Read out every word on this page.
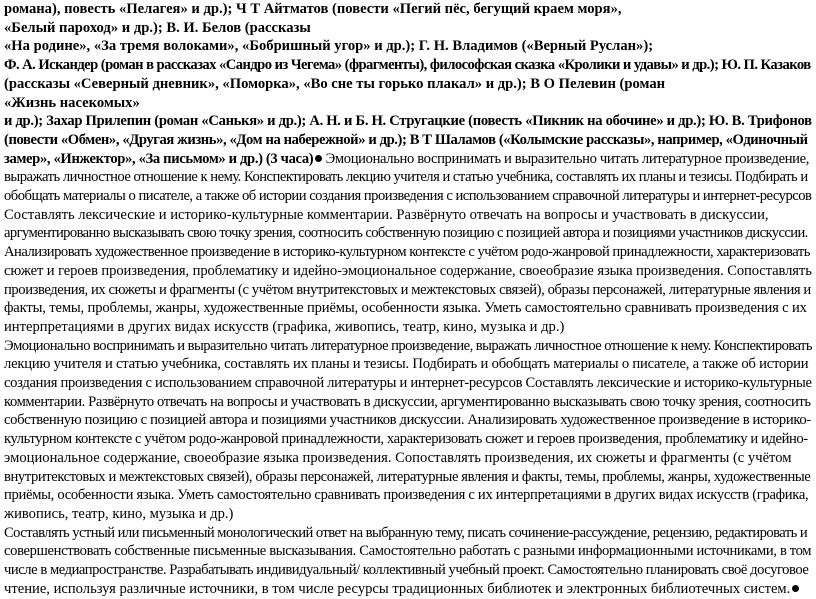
романа), повесть «Пелагея» и др.); Ч Т Айтматов (повести «Пегий пёс, бегущий краем моря»,

«Белый пароход» и др.); В. И. Белов (рассказы

«На родине», «За тремя волоками», «Бобришный угор» и др.); Г. Н. Владимов («Верный Руслан»);

Ф. А. Искандер (роман в рассказах «Сандро из Чегема» (фрагменты), философская сказка «Кролики и удавы» и др.); Ю. П. Казаков

(рассказы «Северный дневник», «Поморка», «Во сне ты горько плакал» и др.); В О Пелевин (роман

«Жизнь насекомых»

и др.); Захар Прилепин (роман «Санькя» и др.); А. Н. и Б. Н. Стругацкие (повесть «Пикник на обочине» и др.); Ю. В. Трифонов

(повести «Обмен», «Другая жизнь», «Дом на набережной» и др.); В Т Шаламов («Колымские рассказы», например, «Одиночный

замер», «Инжектор», «За письмом» и др.) (3 часа) Эмоционально воспринимать и выразительно читать литературное произведение,

выражать личностное отношение к нему. Конспектировать лекцию учителя и статью учебника, составлять их планы и тезисы. Подбирать и

обобщать материалы о писателе, а также об истории создания произведения с использованием справочной литературы и интернет-ресурсов

Составлять лексические и историко-культурные комментарии. Развёрнуто отвечать на вопросы и участвовать в дискуссии,

аргументированно высказывать свою точку зрения, соотносить собственную позицию с позицией автора и позициями участников дискуссии.

Анализировать художественное произведение в историко-культурном контексте с учётом родо-жанровой принадлежности, характеризовать

сюжет и героев произведения, проблематику и идейно-эмоциональное содержание, своеобразие языка произведения. Сопоставлять

произведения, их сюжеты и фрагменты (с учётом внутритекстовых и межтекстовых связей), образы персонажей, литературные явления и

факты, темы, проблемы, жанры, художественные приёмы, особенности языка. Уметь самостоятельно сравнивать произведения с их

интерпретациями в других видах искусств (графика, живопись, театр, кино, музыка и др.)

Эмоционально воспринимать и выразительно читать литературное произведение, выражать личностное отношение к нему. Конспектировать

лекцию учителя и статью учебника, составлять их планы и тезисы. Подбирать и обобщать материалы о писателе, а также об истории

создания произведения с использованием справочной литературы и интернет-ресурсов Составлять лексические и историко-культурные

комментарии. Развёрнуто отвечать на вопросы и участвовать в дискуссии, аргументированно высказывать свою точку зрения, соотносить

собственную позицию с позицией автора и позициями участников дискуссии. Анализировать художественное произведение в историко-

культурном контексте с учётом родо-жанровой принадлежности, характеризовать сюжет и героев произведения, проблематику и идейно-

эмоциональное содержание, своеобразие языка произведения. Сопоставлять произведения, их сюжеты и фрагменты (с учётом

внутритекстовых и межтекстовых связей), образы персонажей, литературные явления и факты, темы, проблемы, жанры, художественные

приёмы, особенности языка. Уметь самостоятельно сравнивать произведения с их интерпретациями в других видах искусств (графика,

живопись, театр, кино, музыка и др.)

Составлять устный или письменный монологический ответ на выбранную тему, писать сочинение-рассуждение, рецензию, редактировать и

совершенствовать собственные письменные высказывания. Самостоятельно работать с разными информационными источниками, в том

числе в медиапространстве. Разрабатывать индивидуальный/ коллективный учебный проект. Самостоятельно планировать своё досуговое

чтение, используя различные источники, в том числе ресурсы традиционных библиотек и электронных библиотечных систем.
